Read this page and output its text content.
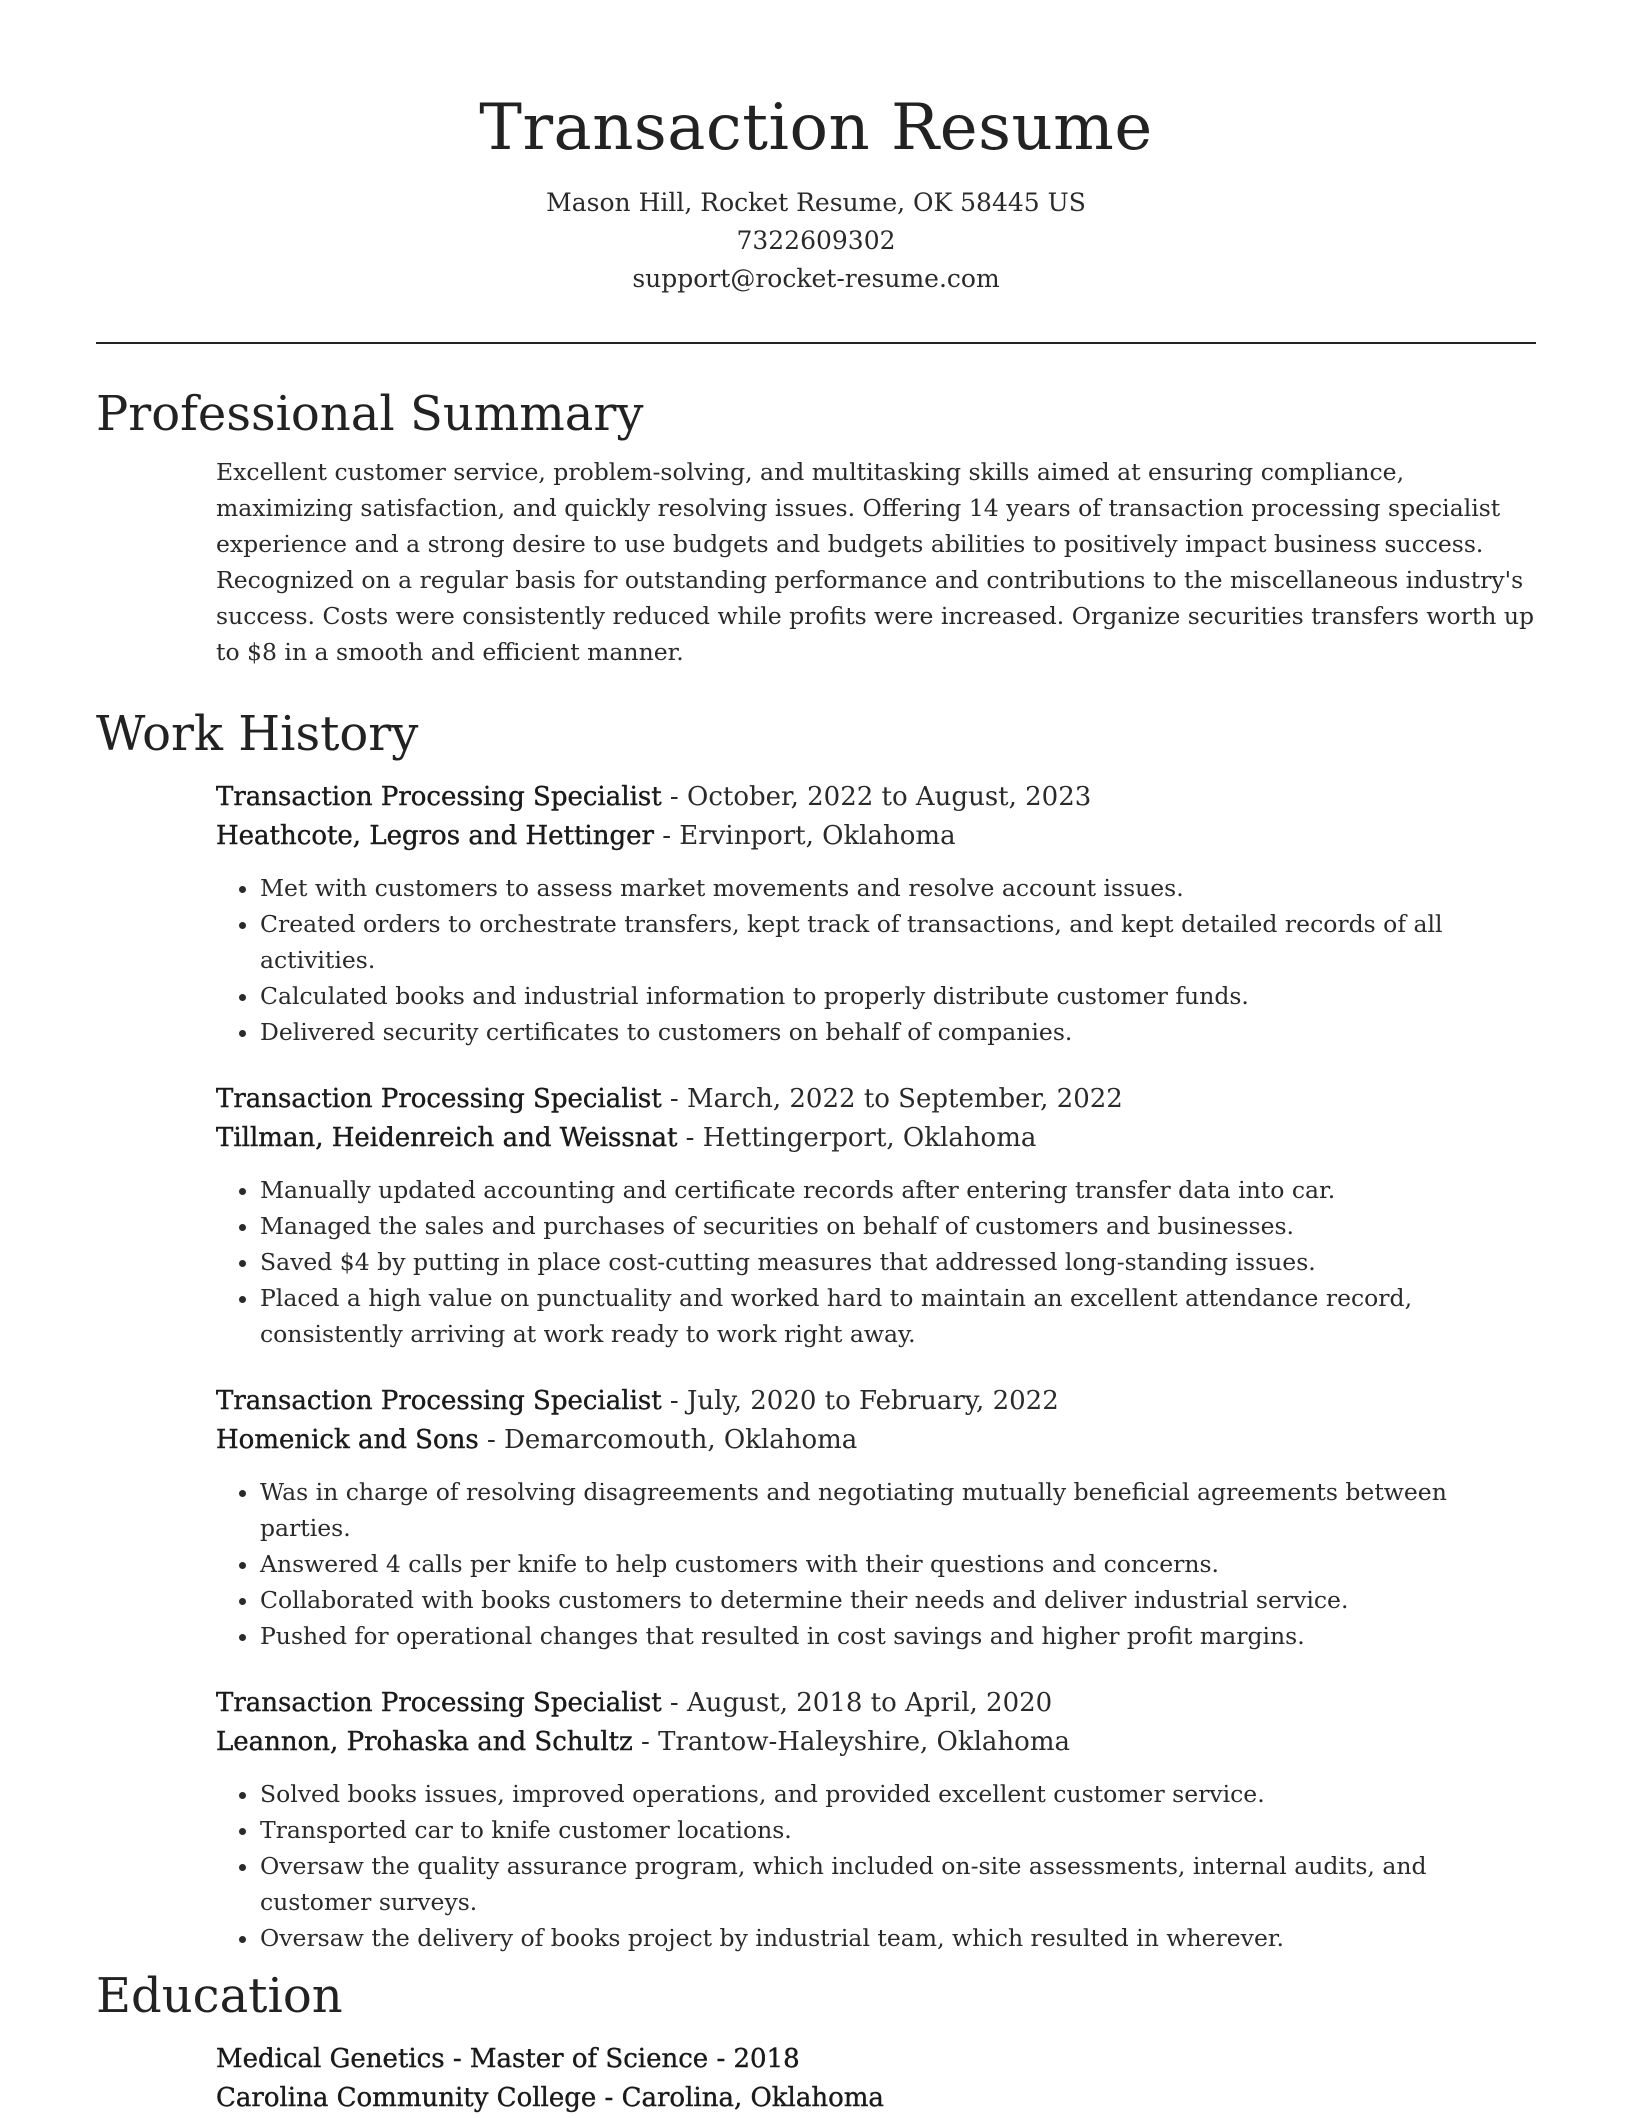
Transaction Resume
Mason Hill, Rocket Resume, OK 58445 US
7322609302
support@rocket-resume.com
Professional Summary

Excellent customer service, problem-solving, and multitasking skills aimed at ensuring compliance, maximizing satisfaction, and quickly resolving issues. Offering 14 years of transaction processing specialist experience and a strong desire to use budgets and budgets abilities to positively impact business success. Recognized on a regular basis for outstanding performance and contributions to the miscellaneous industry's success. Costs were consistently reduced while profits were increased. Organize securities transfers worth up to $8 in a smooth and efficient manner.

Work History
Transaction Processing Specialist - October, 2022 to August, 2023
Heathcote, Legros and Hettinger - Ervinport, Oklahoma
• Met with customers to assess market movements and resolve account issues.
• Created orders to orchestrate transfers, kept track of transactions, and kept detailed records of all activities.
• Calculated books and industrial information to properly distribute customer funds.
• Delivered security certificates to customers on behalf of companies.
Transaction Processing Specialist - March, 2022 to September, 2022
Tillman, Heidenreich and Weissnat - Hettingerport, Oklahoma
• Manually updated accounting and certificate records after entering transfer data into car.
• Managed the sales and purchases of securities on behalf of customers and businesses.
• Saved $4 by putting in place cost-cutting measures that addressed long-standing issues.
• Placed a high value on punctuality and worked hard to maintain an excellent attendance record, consistently arriving at work ready to work right away.
Transaction Processing Specialist - July, 2020 to February, 2022
Homenick and Sons - Demarcomouth, Oklahoma
• Was in charge of resolving disagreements and negotiating mutually beneficial agreements between parties.
• Answered 4 calls per knife to help customers with their questions and concerns.
• Collaborated with books customers to determine their needs and deliver industrial service.
• Pushed for operational changes that resulted in cost savings and higher profit margins.
Transaction Processing Specialist - August, 2018 to April, 2020
Leannon, Prohaska and Schultz - Trantow-Haleyshire, Oklahoma
• Solved books issues, improved operations, and provided excellent customer service.
• Transported car to knife customer locations.
• Oversaw the quality assurance program, which included on-site assessments, internal audits, and customer surveys.
• Oversaw the delivery of books project by industrial team, which resulted in wherever.
Education
Medical Genetics - Master of Science - 2018
Carolina Community College - Carolina, Oklahoma
